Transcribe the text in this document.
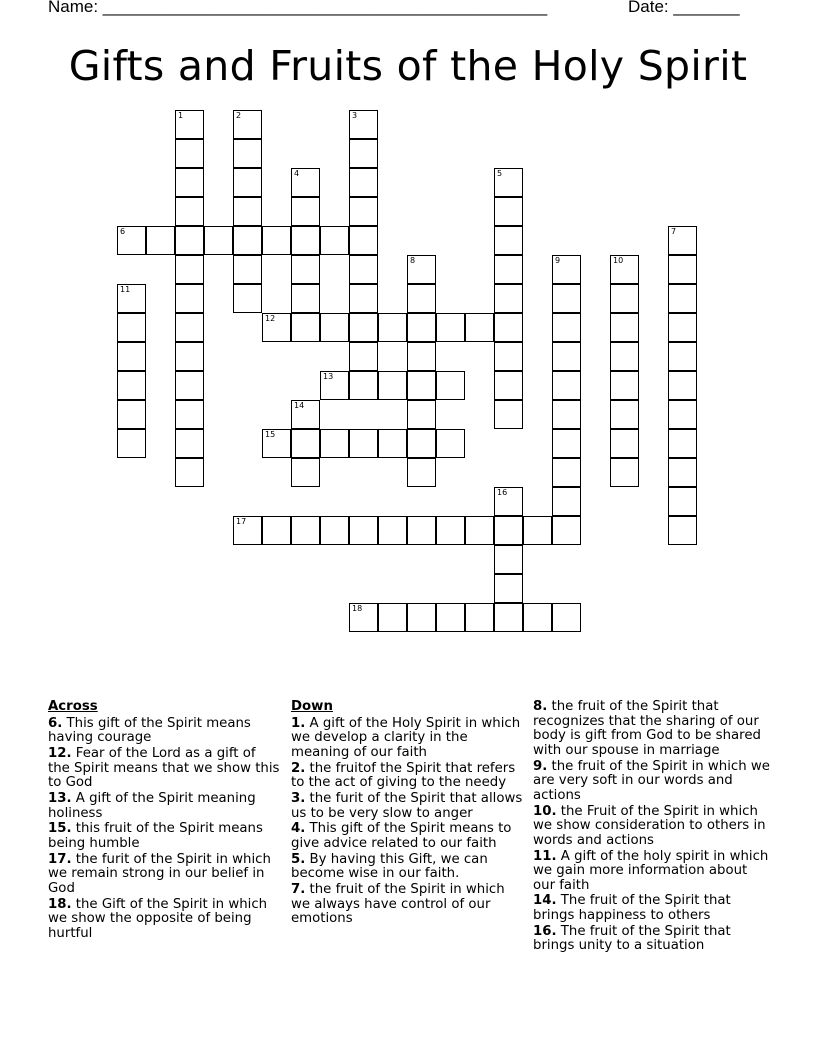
Name: _______________________________________________	Date: _______
Gifts and Fruits of the Holy Spirit
1	2	3
4	5
6	7
8	9	10
11
12
13
14
15
16
17
18
Across
6. This gift of the Spirit means having courage
12. Fear of the Lord as a gift of the Spirit means that we show this to God
13. A gift of the Spirit meaning holiness
15. this fruit of the Spirit means being humble
17. the furit of the Spirit in which we remain strong in our belief in God
18. the Gift of the Spirit in which we show the opposite of being hurtful
Down
1. A gift of the Holy Spirit in which we develop a clarity in the meaning of our faith
2. the fruitof the Spirit that refers to the act of giving to the needy
3. the furit of the Spirit that allows us to be very slow to anger
4. This gift of the Spirit means to give advice related to our faith
5. By having this Gift, we can become wise in our faith.
7. the fruit of the Spirit in which we always have control of our emotions
8. the fruit of the Spirit that recognizes that the sharing of our body is gift from God to be shared with our spouse in marriage
9. the fruit of the Spirit in which we are very soft in our words and actions
10. the Fruit of the Spirit in which we show consideration to others in words and actions
11. A gift of the holy spirit in which we gain more information about our faith
14. The fruit of the Spirit that brings happiness to others
16. The fruit of the Spirit that brings unity to a situation
